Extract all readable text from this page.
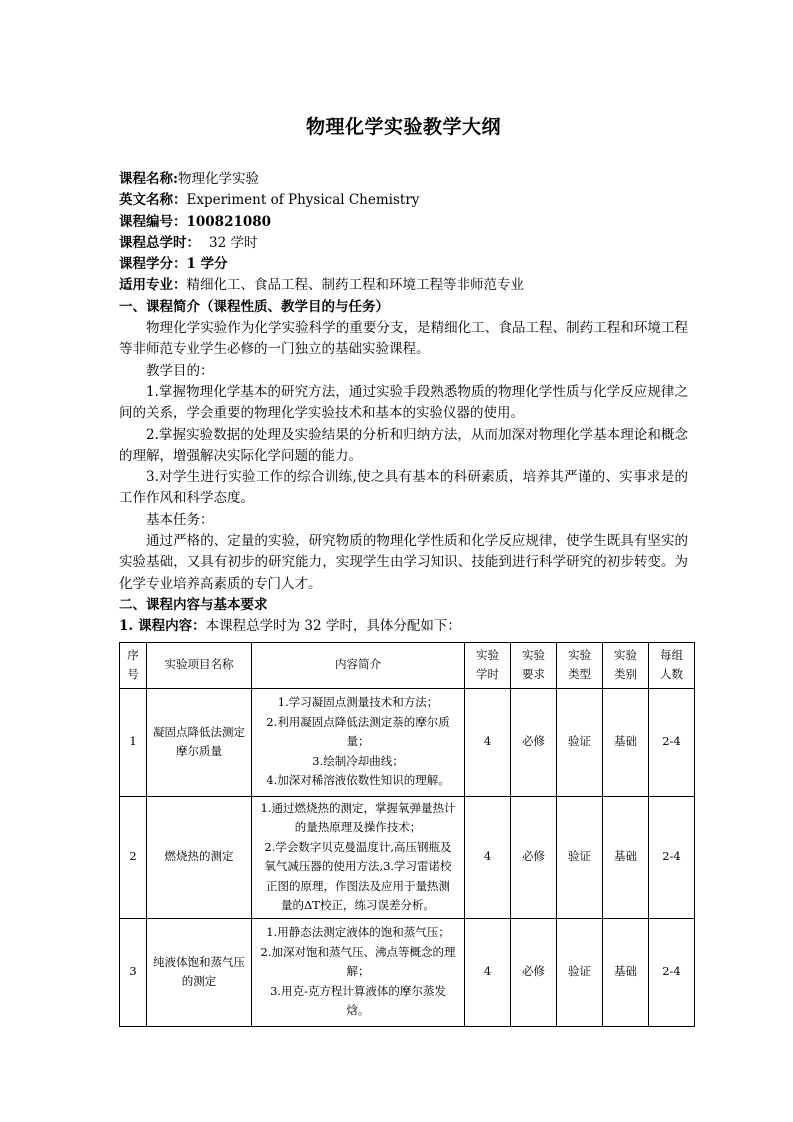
物理化学实验教学大纲
课程名称:物理化学实验
英文名称：Experiment of Physical Chemistry
课程编号：100821080
课程总学时： 32 学时
课程学分：1 学分
适用专业：精细化工、食品工程、制药工程和环境工程等非师范专业
一、课程简介（课程性质、教学目的与任务）

物理化学实验作为化学实验科学的重要分支，是精细化工、食品工程、制药工程和环境工程等非师范专业学生必修的一门独立的基础实验课程。

教学目的：

1.掌握物理化学基本的研究方法，通过实验手段熟悉物质的物理化学性质与化学反应规律之间的关系，学会重要的物理化学实验技术和基本的实验仪器的使用。

2.掌握实验数据的处理及实验结果的分析和归纳方法，从而加深对物理化学基本理论和概念的理解，增强解决实际化学问题的能力。

3.对学生进行实验工作的综合训练,使之具有基本的科研素质，培养其严谨的、实事求是的工作作风和科学态度。

基本任务：

通过严格的、定量的实验，研究物质的物理化学性质和化学反应规律，使学生既具有坚实的实验基础，又具有初步的研究能力，实现学生由学习知识、技能到进行科学研究的初步转变。为化学专业培养高素质的专门人才。

二、课程内容与基本要求
1. 课程内容：本课程总学时为 32 学时，具体分配如下：
序
号	实验项目名称	内容简介	实验
学时	实验
要求	实验
类型	实验
类别	每组
人数

1	凝固点降低法测定摩尔质量	1.学习凝固点测量技术和方法；
2.利用凝固点降低法测定萘的摩尔质
量；
3.绘制冷却曲线；
4.加深对稀溶液依数性知识的理解。	4	必修	验证	基础	2-4
2	燃烧热的测定	
1.通过燃烧热的测定，掌握氧弹量热计
的量热原理及操作技术；
2.学会数字贝克曼温度计,高压钢瓶及
氧气减压器的使用方法,3.学习雷诺校
正图的原理，作图法及应用于量热测
量的ΔT校正，练习误差分析。
	4	必修	验证	基础	2-4
3	纯液体饱和蒸气压的测定	1.用静态法测定液体的饱和蒸气压；
2.加深对饱和蒸气压、沸点等概念的理
解；
3.用克-克方程计算液体的摩尔蒸发
焓。	4	必修	验证	基础	2-4
